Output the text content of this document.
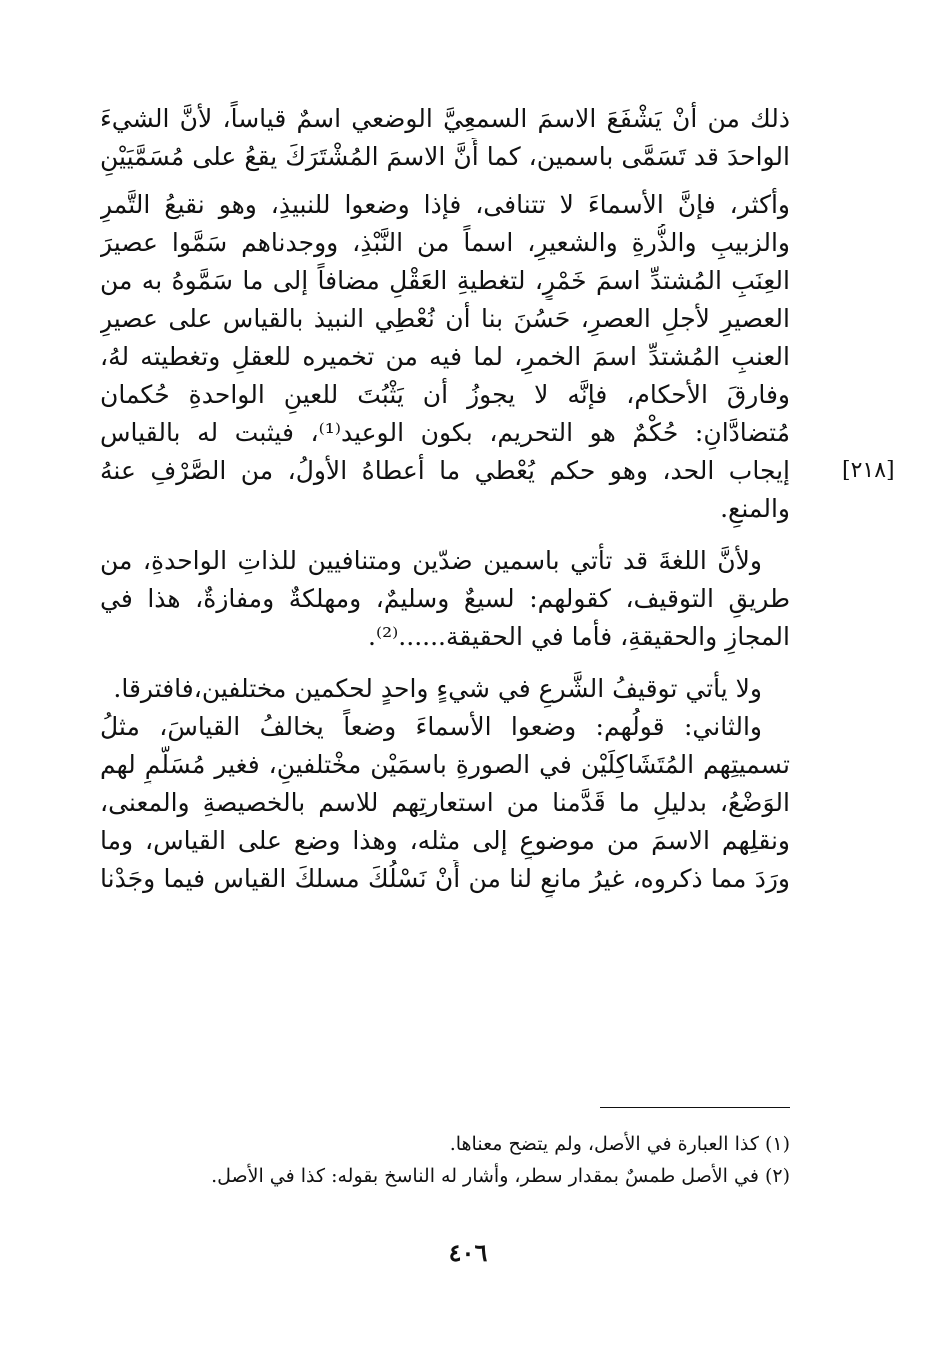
ذلك من أنْ يَشْفَعَ الاسمَ السمعِيَّ الوضعي اسمٌ قياساً، لأنَّ الشيءَ
الواحدَ قد تَسَمَّى باسمين، كما أَنَّ الاسمَ المُشْتَرَكَ يقعُ على مُسَمَّيَيْنِ
وأكثر، فإنَّ الأسماءَ لا تتنافى، فإذا وضعوا للنبيذِ، وهو نقيعُ التَّمرِ
والزبيبِ والذُّرةِ والشعيرِ، اسماً من النَّبْذِ، ووجدناهم سَمَّوا عصيرَ
العِنَبِ المُشتدِّ اسمَ خَمْرٍ، لتغطيةِ العَقْلِ مضافاً إلى ما سَمَّوهُ به من
العصيرِ لأجلِ العصرِ، حَسُنَ بنا أن نُعْطِي النبيذ بالقياس على عصيرِ
العنبِ المُشتدِّ اسمَ الخمرِ، لما فيه من تخميره للعقلِ وتغطيته لهُ،
وفارقَ الأحكام، فإنَّه لا يجوزُ أن يَثْبُتَ للعينِ الواحدةِ حُكمان
مُتضادَّانِ: حُكْمٌ هو التحريم، بكون الوعيد⁽¹⁾، فيثبت له بالقياس
إيجاب الحد، وهو حكم يُعْطي ما أعطاهُ الأولُ، من الصَّرْفِ عنهُ
والمنعِ.
ولأنَّ اللغةَ قد تأتي باسمين ضدّين ومتنافيين للذاتِ الواحدةِ، من
طريقِ التوقيف، كقولهم: لسيعٌ وسليمٌ، ومهلكةٌ ومفازةٌ، هذا في
المجازِ والحقيقةِ، فأما في الحقيقة......⁽²⁾.
ولا يأتي توقيفُ الشَّرعِ في شيءٍ واحدٍ لحكمين مختلفين،فافترقا.
والثاني: قولُهم: وضعوا الأسماءَ وضعاً يخالفُ القياسَ، مثلُ
تسميتِهم المُتَشَاكِلَيْن في الصورةِ باسمَيْن مخْتلفينِ، فغير مُسَلَّمٍ لهم
الوَضْعُ، بدليلِ ما قَدَّمنا من استعارتِهم للاسم بالخصيصةِ والمعنى،
ونقلِهم الاسمَ من موضوعٍ إلى مثله، وهذا وضع على القياس، وما
ورَدَ مما ذكروه، غيرُ مانعٍ لنا من أَنْ نَسْلُكَ مسلكَ القياس فيما وجَدْنا
[٢١٨]
(١) كذا العبارة في الأصل، ولم يتضح معناها.
(٢) في الأصل طمسٌ بمقدار سطر، وأشار له الناسخ بقوله: كذا في الأصل.
٤٠٦
